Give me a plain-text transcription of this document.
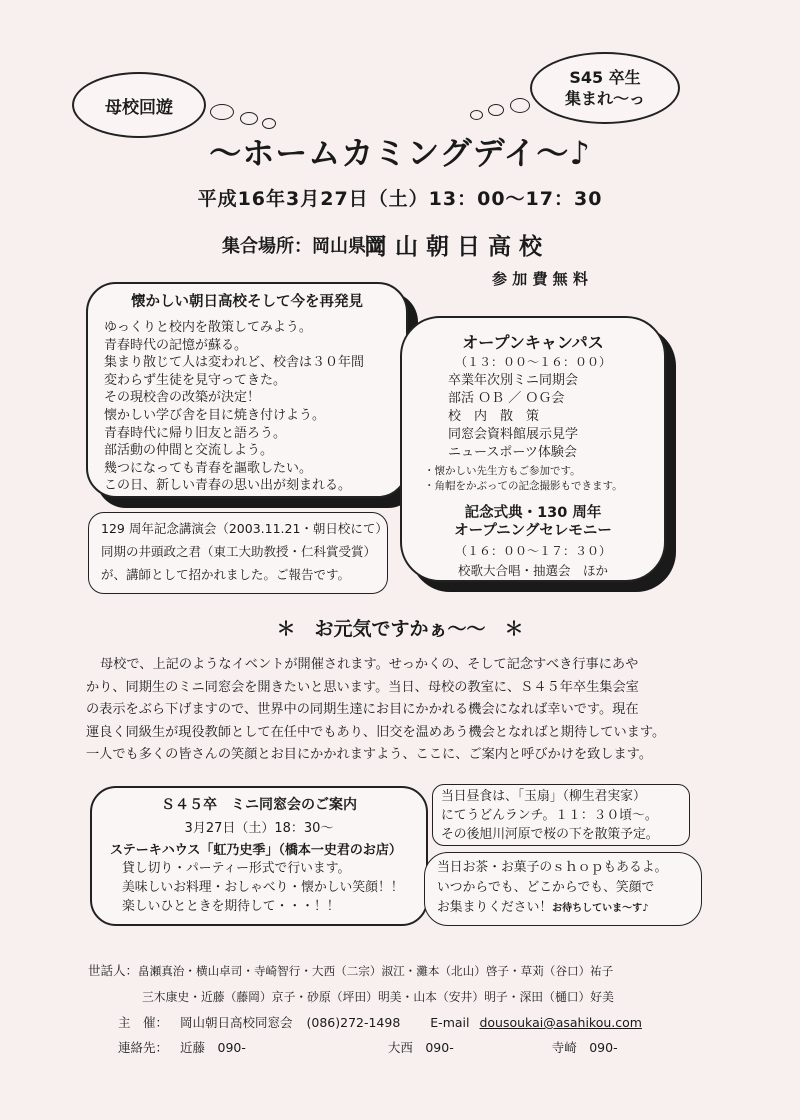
母校回遊
S45 卒生
集まれ〜っ
〜ホームカミングデイ〜♪
平成16年3月27日（土）13：00〜17：30
集合場所：岡山県立
岡 山 朝 日 高 校
参 加 費 無 料
懐かしい朝日高校そして今を再発見
ゆっくりと校内を散策してみよう。
青春時代の記憶が蘇る。
集まり散じて人は変われど、校舎は３０年間
変わらず生徒を見守ってきた。
その現校舎の改築が決定！
懐かしい学び舎を目に焼き付けよう。
青春時代に帰り旧友と語ろう。
部活動の仲間と交流しよう。
幾つになっても青春を謳歌したい。
この日、新しい青春の思い出が刻まれる。
129 周年記念講演会（2003.11.21・朝日校にて）
同期の井頭政之君（東工大助教授・仁科賞受賞）
が、講師として招かれました。ご報告です。
オープンキャンパス
（１３：００〜１６：００）
卒業年次別ミニ同期会
部活 ＯＢ ／ ＯＧ会
校　内　散　策
同窓会資料館展示見学
ニュースポーツ体験会
・懐かしい先生方もご参加です。
・角帽をかぶっての記念撮影もできます。
記念式典・130 周年
オープニングセレモニー
（１６：００〜１７：３０）
校歌大合唱・抽選会　ほか
＊　お元気ですかぁ〜〜　＊
母校で、上記のようなイベントが開催されます。せっかくの、そして記念すべき行事にあや
かり、同期生のミニ同窓会を開きたいと思います。当日、母校の教室に、Ｓ４５年卒生集会室
の表示をぶら下げますので、世界中の同期生達にお目にかかれる機会になれば幸いです。現在
運良く同級生が現役教師として在任中でもあり、旧交を温めあう機会となればと期待しています。
一人でも多くの皆さんの笑顔とお目にかかれますよう、ここに、ご案内と呼びかけを致します。
Ｓ４５卒　ミニ同窓会のご案内
3月27日（土）18：30〜
ステーキハウス「虹乃史季」（橋本一史君のお店）
貸し切り・パーティー形式で行います。
美味しいお料理・おしゃべり・懐かしい笑顔！！
楽しいひとときを期待して・・・！！
当日昼食は、「玉扇」（柳生君実家）
にてうどんランチ。１１：３０頃〜。
その後旭川河原で桜の下を散策予定。
当日お茶・お菓子のｓｈｏｐもあるよ。
いつからでも、どこからでも、笑顔で
お集まりください！お待ちしていま〜す♪
世話人：畠瀬真治・横山卓司・寺崎智行・大西（二宗）淑江・灘本（北山）啓子・草苅（谷口）祐子
三木康史・近藤（藤岡）京子・砂原（坪田）明美・山本（安井）明子・深田（樋口）好美
主　催： 岡山朝日高校同窓会 (086)272-1498 E-mail dousoukai@asahikou.com
連絡先： 近藤　090-	大西　090-	寺崎　090-
